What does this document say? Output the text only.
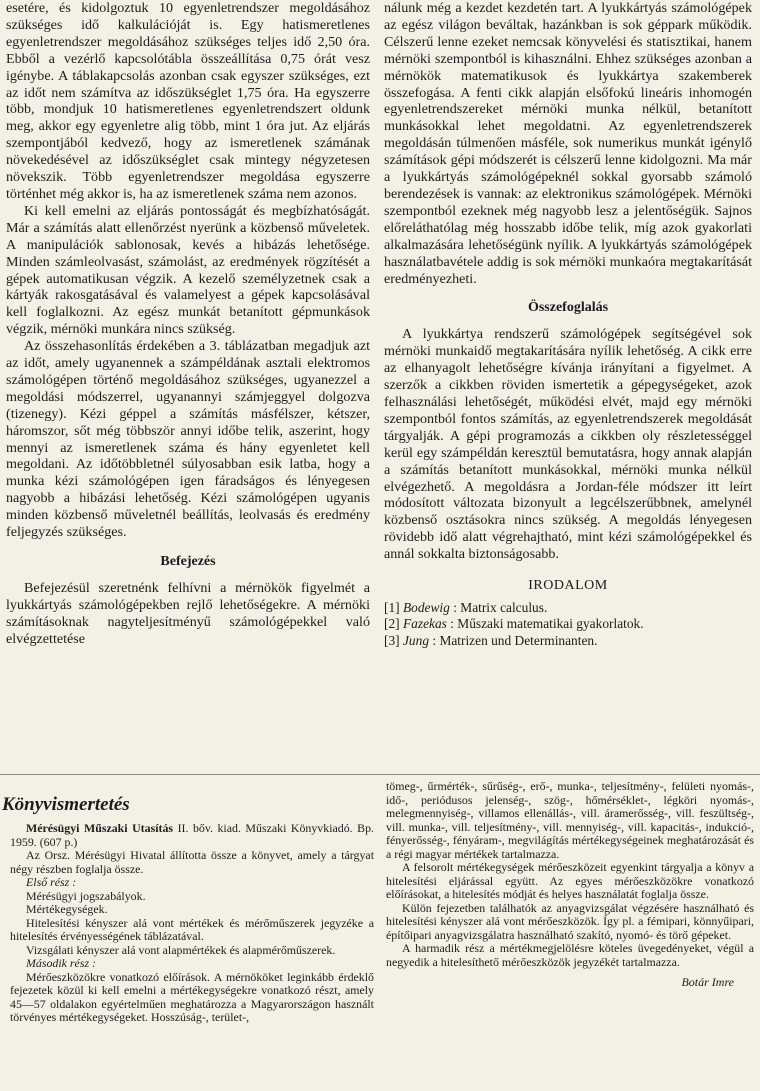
esetére, és kidolgoztuk 10 egyenletrendszer megoldásához szükséges idő kalkulációját is. Egy hatismeretlenes egyenletrendszer megoldásához szükséges teljes idő 2,50 óra. Ebből a vezérlő kapcsolótábla összeállítása 0,75 órát vesz igénybe. A táblakapcsolás azonban csak egyszer szükséges, ezt az időt nem számítva az időszükséglet 1,75 óra. Ha egyszerre több, mondjuk 10 hatismeretlenes egyenletrendszert oldunk meg, akkor egy egyenletre alig több, mint 1 óra jut. Az eljárás szempontjából kedvező, hogy az ismeretlenek számának növekedésével az időszükséglet csak mintegy négyzetesen növekszik. Több egyenletrendszer megoldása egyszerre történhet még akkor is, ha az ismeretlenek száma nem azonos.

Ki kell emelni az eljárás pontosságát és megbízhatóságát. Már a számítás alatt ellenőrzést nyerünk a közbenső műveletek. A manipulációk sablonosak, kevés a hibázás lehetősége. Minden számleolvasást, számolást, az eredmények rögzítését a gépek automatikusan végzik. A kezelő személyzetnek csak a kártyák rakosgatásával és valamelyest a gépek kapcsolásával kell foglalkozni. Az egész munkát betanított gépmunkások végzik, mérnöki munkára nincs szükség.

Az összehasonlítás érdekében a 3. táblázatban megadjuk azt az időt, amely ugyanennek a számpéldának asztali elektromos számológépen történő megoldásához szükséges, ugyanezzel a megoldási módszerrel, ugyanannyi számjeggyel dolgozva (tizenegy). Kézi géppel a számítás másfélszer, kétszer, háromszor, sőt még többször annyi időbe telik, aszerint, hogy mennyi az ismeretlenek száma és hány egyenletet kell megoldani. Az időtöbbletnél súlyosabban esik latba, hogy a munka kézi számológépen igen fáradságos és lényegesen nagyobb a hibázási lehetőség. Kézi számológépen ugyanis minden közbenső műveletnél beállítás, leolvasás és eredmény feljegyzés szükséges.

Befejezés

Befejezésül szeretnénk felhívni a mérnökök figyelmét a lyukkártyás számológépekben rejlő lehetőségekre. A mérnöki számításoknak nagyteljesítményű számológépekkel való elvégzettetése

nálunk még a kezdet kezdetén tart. A lyukkártyás számológépek az egész világon beváltak, hazánkban is sok géppark működik. Célszerű lenne ezeket nemcsak könyvelési és statisztikai, hanem mérnöki szempontból is kihasználni. Ehhez szükséges azonban a mérnökök matematikusok és lyukkártya szakemberek összefogása. A fenti cikk alapján elsőfokú lineáris inhomogén egyenletrendszereket mérnöki munka nélkül, betanított munkásokkal lehet megoldatni. Az egyenletrendszerek megoldásán túlmenően másféle, sok numerikus munkát igénylő számítások gépi módszerét is célszerű lenne kidolgozni. Ma már a lyukkártyás számológépeknél sokkal gyorsabb számoló berendezések is vannak: az elektronikus számológépek. Mérnöki szempontból ezeknek még nagyobb lesz a jelentőségük. Sajnos előreláthatólag még hosszabb időbe telik, míg azok gyakorlati alkalmazására lehetőségünk nyílik. A lyukkártyás számológépek használatbavétele addig is sok mérnöki munkaóra megtakarítását eredményezheti.

Összefoglalás

A lyukkártya rendszerű számológépek segítségével sok mérnöki munkaidő megtakarítására nyílik lehetőség. A cikk erre az elhanyagolt lehetőségre kívánja irányítani a figyelmet. A szerzők a cikkben röviden ismertetik a gépegységeket, azok felhasználási lehetőségét, működési elvét, majd egy mérnöki szempontból fontos számítás, az egyenletrendszerek megoldását tárgyalják. A gépi programozás a cikkben oly részletességgel kerül egy számpéldán keresztül bemutatásra, hogy annak alapján a számítás betanított munkásokkal, mérnöki munka nélkül elvégezhető. A megoldásra a Jordan-féle módszer itt leírt módosított változata bizonyult a legcélszerűbbnek, amelynél közbenső osztásokra nincs szükség. A megoldás lényegesen rövidebb idő alatt végrehajtható, mint kézi számológépekkel és annál sokkalta biztonságosabb.

IRODALOM
[1] Bodewig : Matrix calculus.
[2] Fazekas : Műszaki matematikai gyakorlatok.
[3] Jung : Matrizen und Determinanten.
Könyvismertetés

Mérésügyi Műszaki Utasítás II. bőv. kiad. Műszaki Könyvkiadó. Bp. 1959. (607 p.)

Az Orsz. Mérésügyi Hivatal állította össze a könyvet, amely a tárgyat négy részben foglalja össze.

Első rész :

Mérésügyi jogszabályok.

Mértékegységek.

Hitelesítési kényszer alá vont mértékek és mérőműszerek jegyzéke a hitelesítés érvényességének táblázatával.

Vizsgálati kényszer alá vont alapmértékek és alapmérőműszerek.

Második rész :

Mérőeszközökre vonatkozó előírások. A mérnököket leginkább érdeklő fejezetek közül ki kell emelni a mértékegységekre vonatkozó részt, amely 45—57 oldalakon egyértelműen meghatározza a Magyarországon használt törvényes mértékegységeket. Hosszúság-, terület-,

tömeg-, űrmérték-, sűrűség-, erő-, munka-, teljesítmény-, felületi nyomás-, idő-, periódusos jelenség-, szög-, hőmérséklet-, légköri nyomás-, melegmennyiség-, villamos ellenállás-, vill. áramerősség-, vill. feszültség-, vill. munka-, vill. teljesítmény-, vill. mennyiség-, vill. kapacitás-, indukció-, fényerősség-, fényáram-, megvilágítás mértékegységeinek meghatározását és a régi magyar mértékek tartalmazza.

A felsorolt mértékegységek mérőeszközeit egyenkint tárgyalja a könyv a hitelesítési eljárással együtt. Az egyes mérőeszközökre vonatkozó előírásokat, a hitelesítés módját és helyes használatát foglalja össze.

Külön fejezetben találhatók az anyagvizsgálat végzésére használható és hitelesítési kényszer alá vont mérőeszközök. Így pl. a fémipari, könnyűipari, építőipari anyagvizsgálatra használható szakító, nyomó- és törő gépeket.

A harmadik rész a mértékmegjelölésre köteles üvegedényeket, végül a negyedik a hitelesíthető mérőeszközök jegyzékét tartalmazza.

Botár Imre
